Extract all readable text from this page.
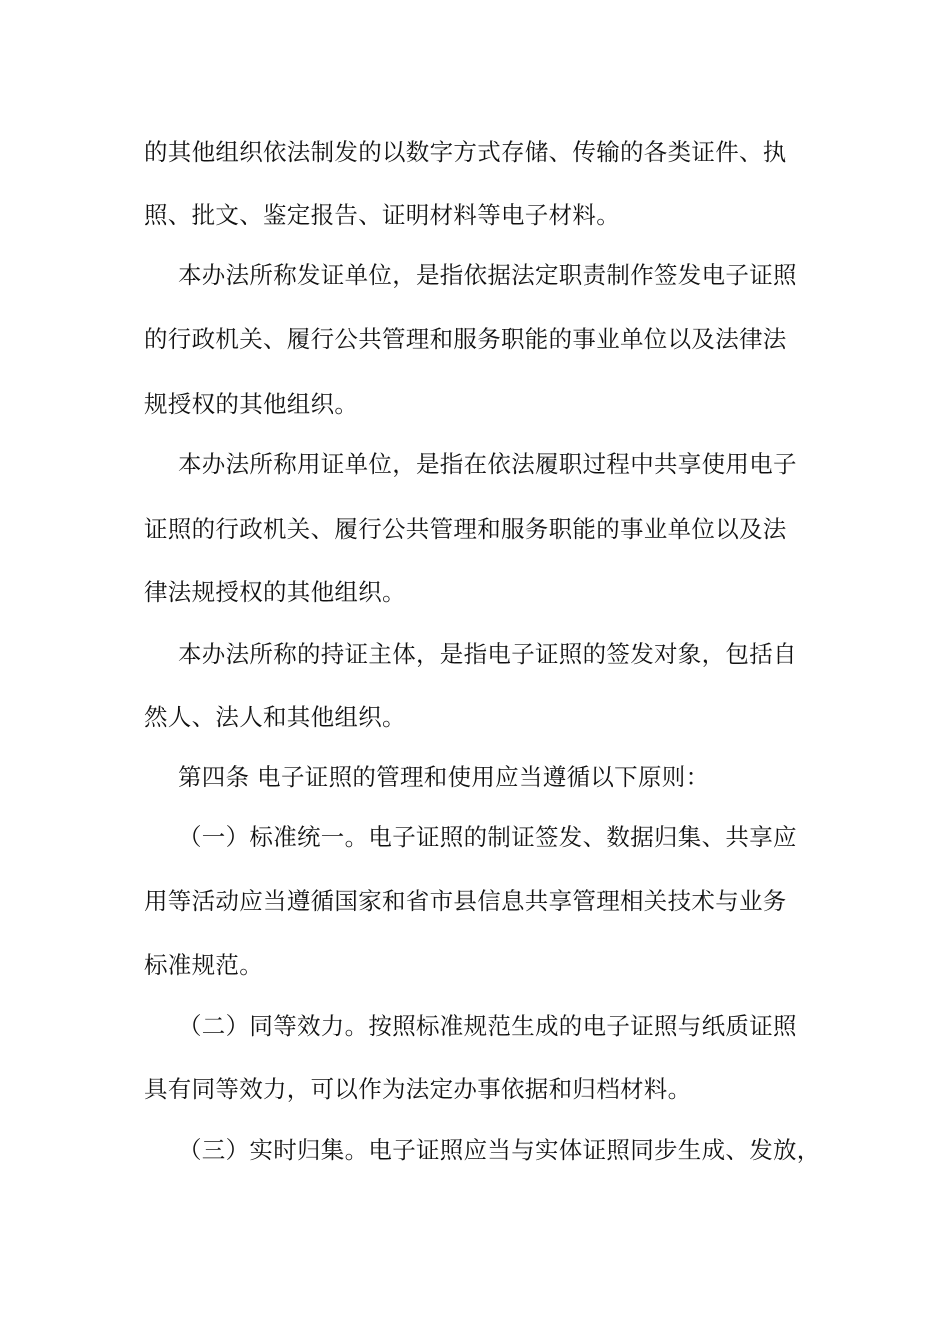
的其他组织依法制发的以数字方式存储、传输的各类证件、执
照、批文、鉴定报告、证明材料等电子材料。
本办法所称发证单位，是指依据法定职责制作签发电子证照
的行政机关、履行公共管理和服务职能的事业单位以及法律法
规授权的其他组织。
本办法所称用证单位，是指在依法履职过程中共享使用电子
证照的行政机关、履行公共管理和服务职能的事业单位以及法
律法规授权的其他组织。
本办法所称的持证主体，是指电子证照的签发对象，包括自
然人、法人和其他组织。
第四条 电子证照的管理和使用应当遵循以下原则：
（一）标准统一。电子证照的制证签发、数据归集、共享应
用等活动应当遵循国家和省市县信息共享管理相关技术与业务
标准规范。
（二）同等效力。按照标准规范生成的电子证照与纸质证照
具有同等效力，可以作为法定办事依据和归档材料。
（三）实时归集。电子证照应当与实体证照同步生成、发放，
